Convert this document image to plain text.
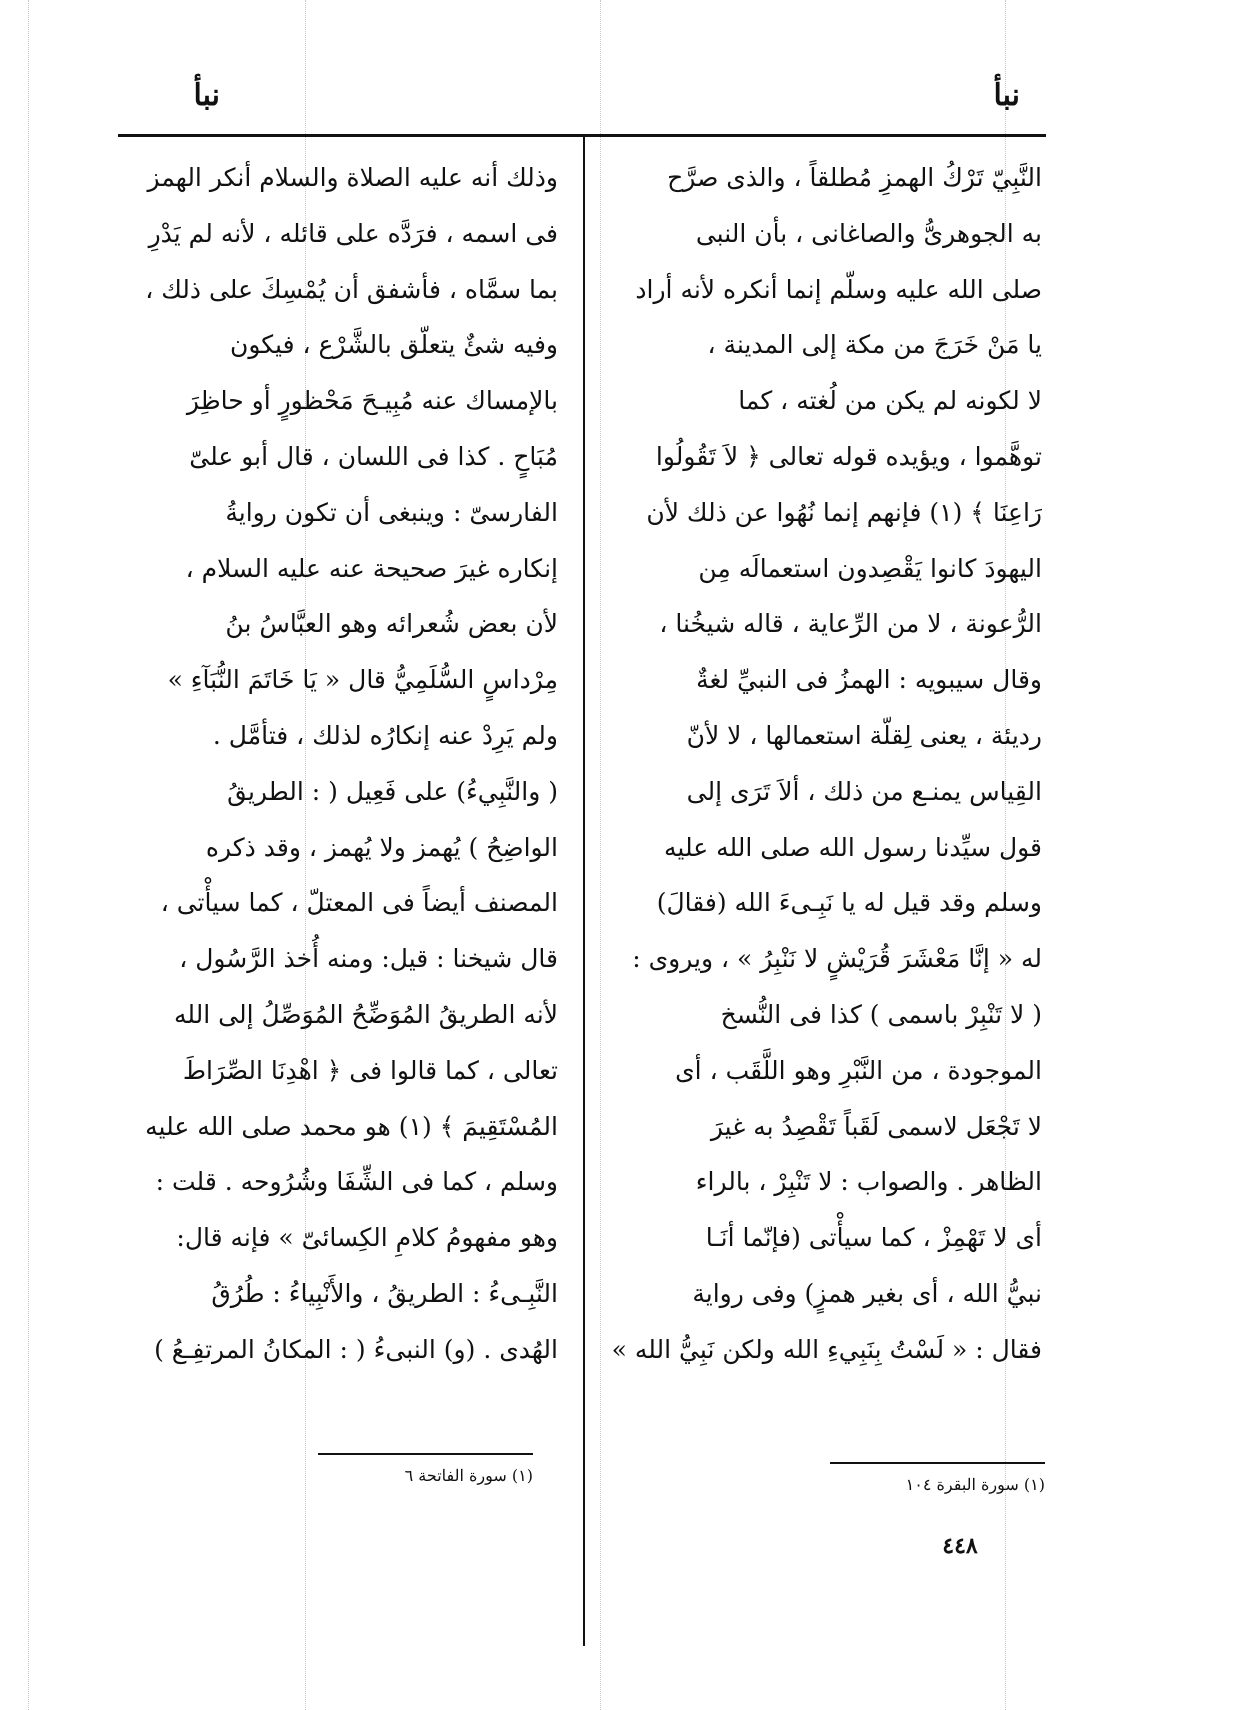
نبأ
نبأ
النَّبِيّ تَرْكُ الهمزِ مُطلقاً ، والذى صرَّح
به الجوهرىُّ والصاغانى ، بأن النبى
صلى الله عليه وسلّم إنما أنكره لأنه أراد
يا مَنْ خَرَجَ من مكة إلى المدينة ،
لا لكونه لم يكن من لُغته ، كما
توهَّموا ، ويؤيده قوله تعالى ﴿ لاَ تَقُولُوا
رَاعِنَا ﴾ (١) فإنهم إنما نُهُوا عن ذلك لأن
اليهودَ كانوا يَقْصِدون استعمالَه مِن
الرُّعونة ، لا من الرِّعاية ، قاله شيخُنا ،
وقال سيبويه : الهمزُ فى النبيِّ لغةٌ
رديئة ، يعنى لِقلّة استعمالها ، لا لأنّ
القِياس يمنـع من ذلك ، ألاَ تَرَى إلى
قول سيِّدنا رسول الله صلى الله عليه
وسلم وقد قيل له يا نَبِـىءَ الله (فقالَ)
له « إنَّا مَعْشَرَ قُرَيْشٍ لا نَنْبِرُ » ، ويروى :
( لا تَنْبِرْ باسمى ) كذا فى النُّسخ
الموجودة ، من النَّبْرِ وهو اللَّقَب ، أى
لا تَجْعَل لاسمى لَقَباً تَقْصِدُ به غيرَ
الظاهر . والصواب : لا تَنْبِرْ ، بالراء
أى لا تَهْمِزْ ، كما سيأْتى (فإنّما أنَـا
نبيُّ الله ، أى بغير همزٍ) وفى رواية
فقال : « لَسْتُ بِنَبِيءِ الله ولكن نَبِيُّ الله »
وذلك أنه عليه الصلاة والسلام أنكر الهمز
فى اسمه ، فرَدَّه على قائله ، لأنه لم يَدْرِ
بما سمَّاه ، فأشفق أن يُمْسِكَ على ذلك ،
وفيه شئٌ يتعلّق بالشَّرْع ، فيكون
بالإمساك عنه مُبِيـحَ مَحْظورٍ أو حاظِرَ
مُبَاحٍ . كذا فى اللسان ، قال أبو علىّ
الفارسىّ : وينبغى أن تكون روايةُ
إنكاره غيرَ صحيحة عنه عليه السلام ،
لأن بعض شُعرائه وهو العبَّاسُ بنُ
مِرْداسٍ السُّلَمِيُّ قال « يَا خَاتَمَ النُّبَآءِ »
ولم يَرِدْ عنه إنكارُه لذلك ، فتأمَّل .
( والنَّبِيءُ) على فَعِيل ( : الطريقُ
الواضِحُ ) يُهمز ولا يُهمز ، وقد ذكره
المصنف أيضاً فى المعتلّ ، كما سيأْتى ،
قال شيخنا : قيل: ومنه أُخذ الرَّسُول ،
لأنه الطريقُ المُوَضِّحُ المُوَصِّلُ إلى الله
تعالى ، كما قالوا فى ﴿ اهْدِنَا الصِّرَاطَ
المُسْتَقِيمَ ﴾ (١) هو محمد صلى الله عليه
وسلم ، كما فى الشِّفَا وشُرُوحه . قلت :
وهو مفهومُ كلامِ الكِسائىّ » فإنه قال:
النَّبِـىءُ : الطريقُ ، والأَنْبِياءُ : طُرُقُ
الهُدى . (و) النبىءُ ( : المكانُ المرتفِـعُ )
(١) سورة البقرة ١٠٤
(١) سورة الفاتحة ٦
٤٤٨
